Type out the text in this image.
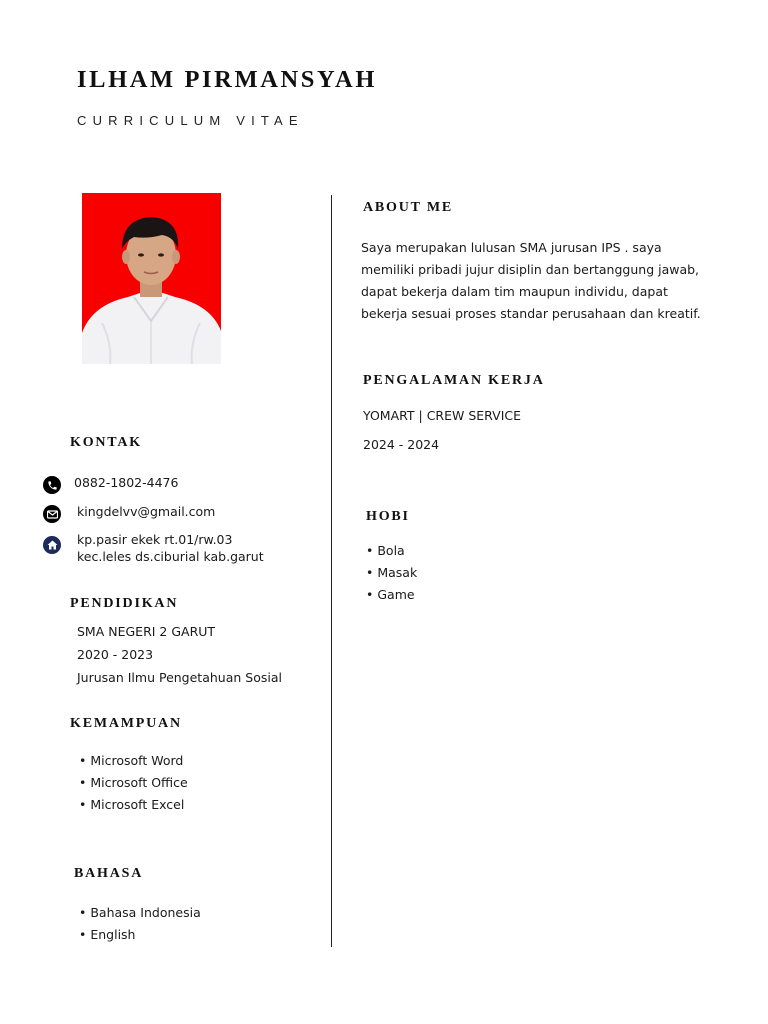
ILHAM PIRMANSYAH
CURRICULUM VITAE
KONTAK
0882-1802-4476
kingdelvv@gmail.com
kp.pasir ekek rt.01/rw.03
kec.leles ds.ciburial kab.garut
PENDIDIKAN
SMA NEGERI 2 GARUT
2020 - 2023
Jurusan Ilmu Pengetahuan Sosial
KEMAMPUAN
• Microsoft Word
• Microsoft Office
• Microsoft Excel
BAHASA
• Bahasa Indonesia
• English
ABOUT ME
Saya merupakan lulusan SMA jurusan IPS . saya
memiliki pribadi jujur disiplin dan bertanggung jawab,
dapat bekerja dalam tim maupun individu, dapat
bekerja sesuai proses standar perusahaan dan kreatif.
PENGALAMAN KERJA
YOMART | CREW SERVICE
2024 - 2024
HOBI
• Bola
• Masak
• Game
